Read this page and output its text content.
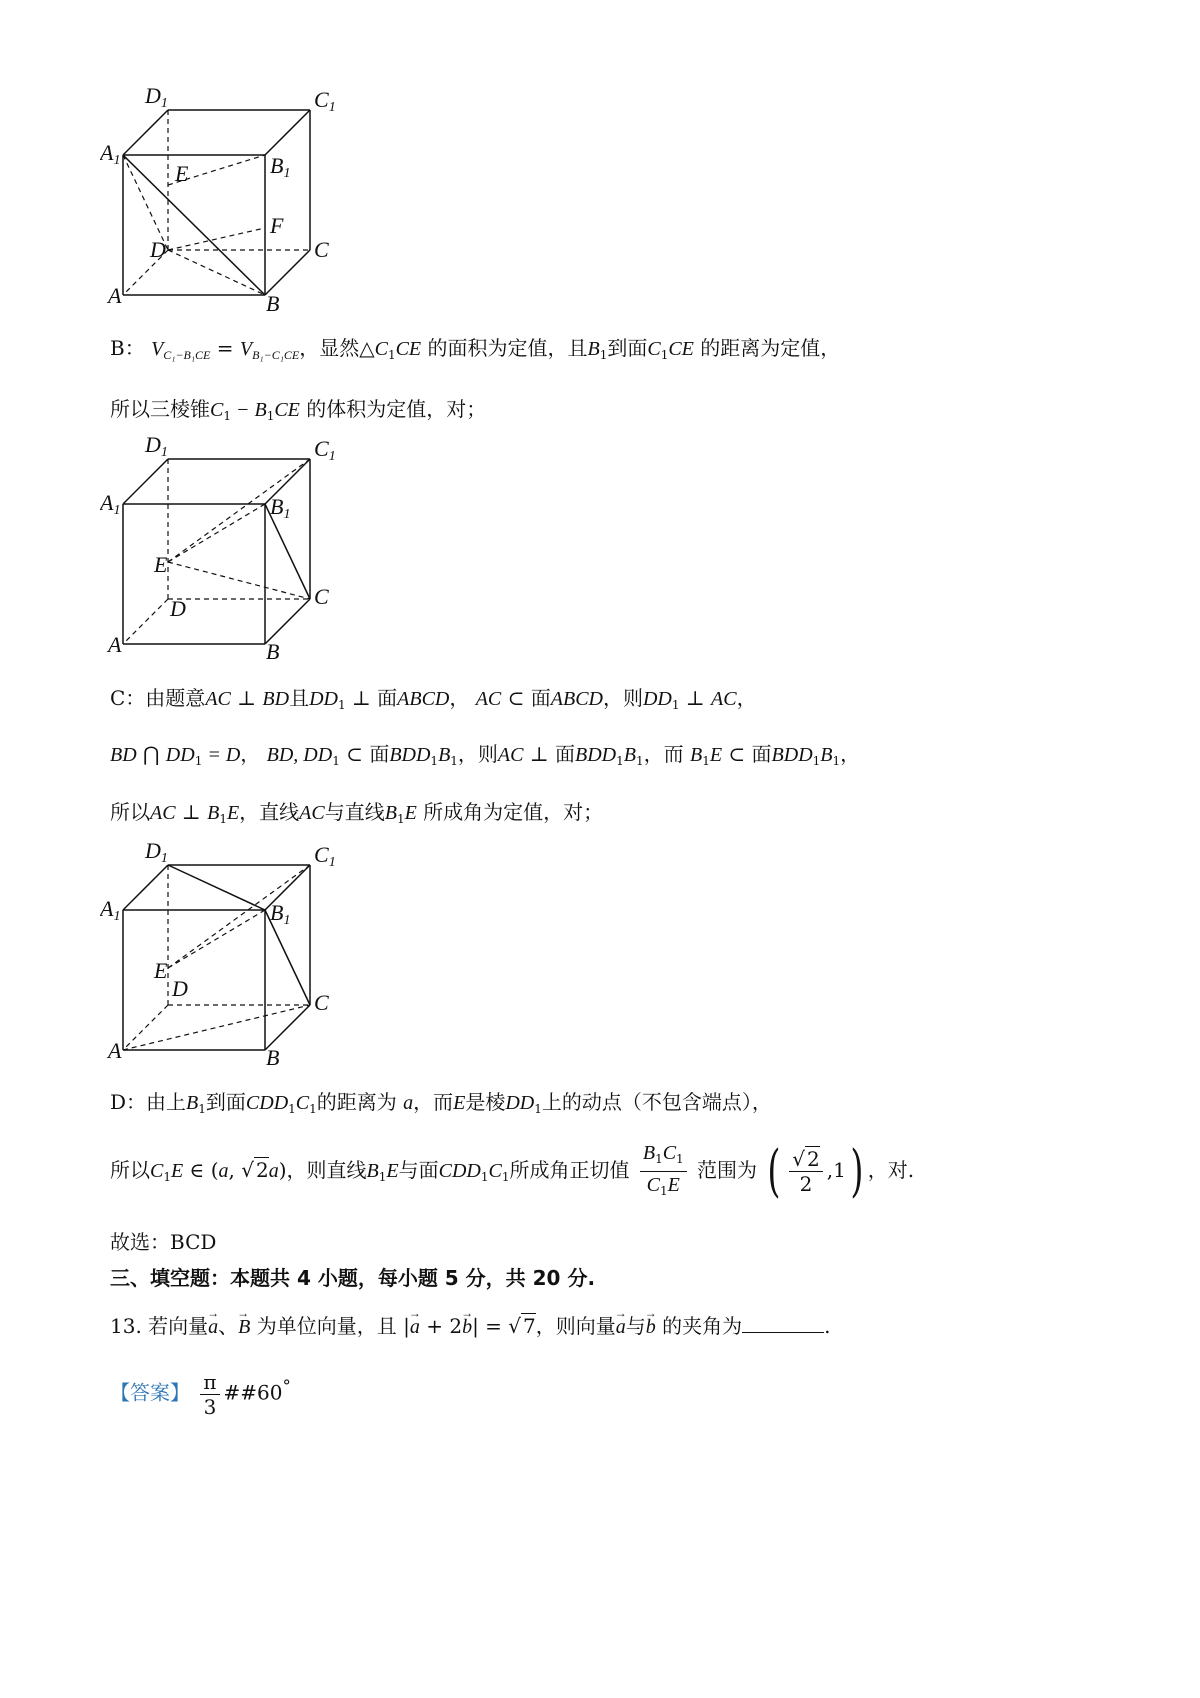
D1	C1
A1	B1
E
F
D	C
A	B
B： $V_{C_1-B_1CE} = V_{B_1-C_1CE}$，显然$\triangle C_1CE$ 的面积为定值，且$B_1$到面$C_1CE$ 的距离为定值，
所以三棱锥$C_1 - B_1CE$ 的体积为定值，对；
D1	C1
A1	B1
E
D	C
A	B
C：由题意AC ⊥ BD且$DD_1$ ⊥ 面ABCD， AC ⊂ 面ABCD，则$DD_1$ ⊥ AC，
BD ⋂ $DD_1 = D$， BD, $DD_1$ ⊂ 面$BDD_1B_1$，则AC ⊥ 面$BDD_1B_1$，而 $B_1E$ ⊂ 面$BDD_1B_1$，
所以AC ⊥ $B_1E$，直线AC与直线$B_1E$ 所成角为定值，对；
D1	C1
A1	B1
E
D
C
A	B
D：由上$B_1$到面$CDD_1C_1$的距离为 a，而E是棱$DD_1$上的动点（不包含端点），
所以$C_1E$ ∈ (a, √ 2a)，则直线$B_1E$与面$CDD_1C_1$所成角正切值 $\frac{B_1C_1}{C_1E}$ 范围为 ( $\frac{√ 2}{2} ,1$) ，对.
故选：BCD
三、填空题：本题共 4 小题，每小题 5 分，共 20 分.
13. 若向量→ a、→ B 为单位向量，且 |→ a + 2→ b| = √ 7，则向量→ a与→ b 的夹角为	.
【答案】 $\frac{\pi}{3}$ ##60°
